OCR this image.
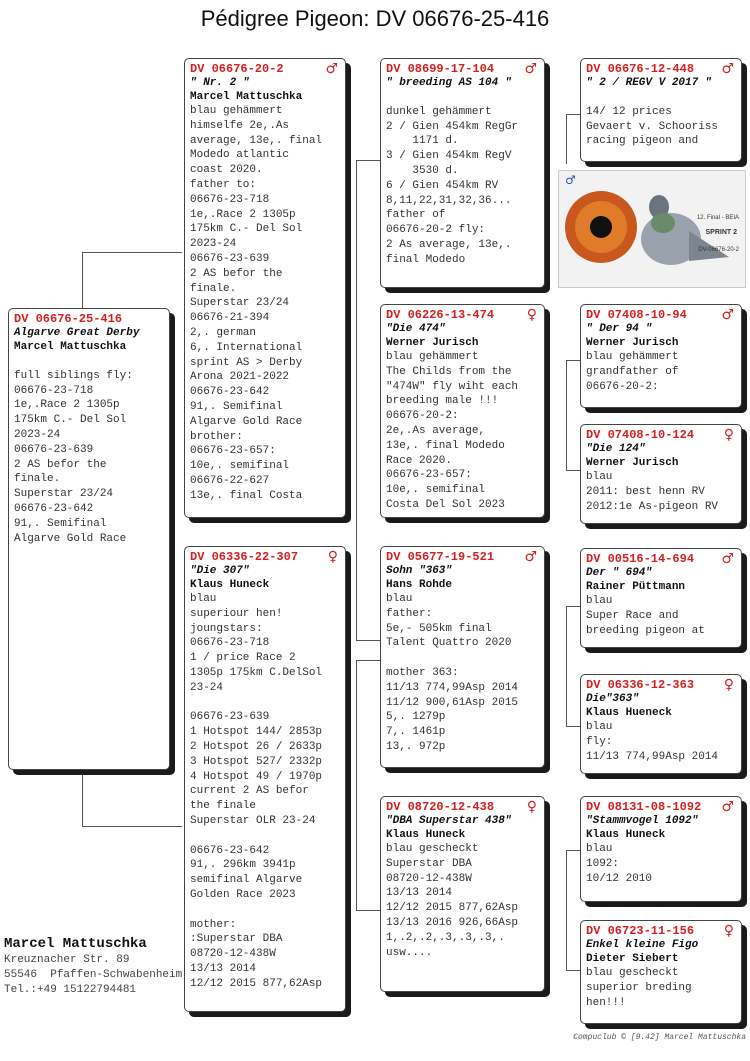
Pédigree Pigeon: DV 06676-25-416
DV 06676-25-416
Algarve Great Derby
Marcel Mattuschka

full siblings fly:
06676-23-718
1e,.Race 2 1305p
175km C.- Del Sol
2023-24
06676-23-639
2 AS befor the
finale.
Superstar 23/24
06676-23-642
91,. Semifinal
Algarve Gold Race
DV 06676-20-2	♂
" Nr. 2 "
Marcel Mattuschka
blau gehämmert
himselfe 2e,.As
average, 13e,. final
Modedo atlantic
coast 2020.
father to:
06676-23-718
1e,.Race 2 1305p
175km C.- Del Sol
2023-24
06676-23-639
2 AS befor the
finale.
Superstar 23/24
06676-21-394
2,. german
6,. International
sprint AS > Derby
Arona 2021-2022
06676-23-642
91,. Semifinal
Algarve Gold Race
brother:
06676-23-657:
10e,. semifinal
06676-22-627
13e,. final Costa
DV 06336-22-307 ♀
"Die 307"
Klaus Huneck
blau
superiour hen!
joungstars:
06676-23-718
1 / price Race 2
1305p 175km C.DelSol
23-24

06676-23-639
1 Hotspot 144/ 2853p
2 Hotspot 26 / 2633p
3 Hotspot 527/ 2332p
4 Hotspot 49 / 1970p
current 2 AS befor
the finale
Superstar OLR 23-24

06676-23-642
91,. 296km 3941p
semifinal Algarve
Golden Race 2023

mother:
:Superstar DBA
08720-12-438W
13/13 2014
12/12 2015 877,62Asp
DV 08699-17-104 ♂
" breeding AS 104 "

dunkel gehämmert
2 / Gien 454km RegGr
1171 d.
3 / Gien 454km RegV
3530 d.
6 / Gien 454km RV
8,11,22,31,32,36...
father of
06676-20-2 fly:
2 As average, 13e,.
final Modedo
DV 06226-13-474 ♀
"Die 474"
Werner Jurisch
blau gehämmert
The Childs from the
"474W" fly wiht each
breeding male !!!
06676-20-2:
2e,.As average,
13e,. final Modedo
Race 2020.
06676-23-657:
10e,. semifinal
Costa Del Sol 2023
DV 05677-19-521 ♂
Sohn "363"
Hans Rohde
blau
father:
5e,- 505km final
Talent Quattro 2020

mother 363:
11/13 774,99Asp 2014
11/12 900,61Asp 2015
5,. 1279p
7,. 1461p
13,. 972p
DV 08720-12-438 ♀
"DBA Superstar 438"
Klaus Huneck
blau gescheckt
Superstar DBA
08720-12-438W
13/13 2014
12/12 2015 877,62Asp
13/13 2016 926,66Asp
1,.2,.2,.3,.3,.3,.
usw....
DV 06676-12-448 ♂
" 2 / REGV V 2017 "

14/ 12 prices
Gevaert v. Schooriss
racing pigeon and
♂
12. Final - BEIA
SPRINT 2
DV-06676-20-2
DV 07408-10-94 ♂
" Der 94 "
Werner Jurisch
blau gehämmert
grandfather of
06676-20-2:
DV 07408-10-124 ♀
"Die 124"
Werner Jurisch
blau
2011: best henn RV
2012:1e As-pigeon RV
DV 00516-14-694 ♂
Der " 694"
Rainer Püttmann
blau
Super Race and
breeding pigeon at
DV 06336-12-363 ♀
Die"363"
Klaus Hueneck
blau
fly:
11/13 774,99Asp 2014
DV 08131-08-1092 ♂
"Stammvogel 1092"
Klaus Huneck
blau
1092:
10/12 2010
DV 06723-11-156 ♀
Enkel kleine Figo
Dieter Siebert
blau gescheckt
superior breding
hen!!!
Marcel Mattuschka
Kreuznacher Str. 89
55546  Pfaffen-Schwabenheim
Tel.:+49 15122794481
Compuclub © [9.42] Marcel Mattuschka
